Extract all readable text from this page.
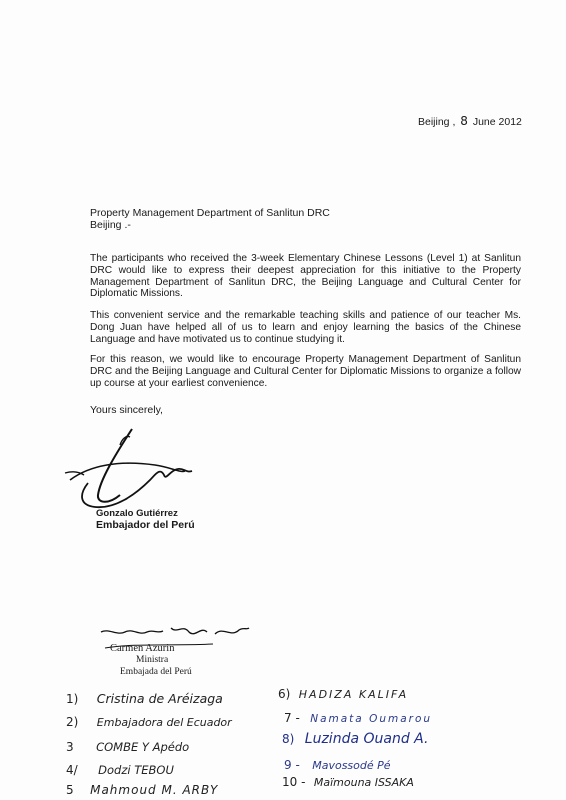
Beijing , 8 June 2012
Property Management Department of Sanlitun DRC
Beijing .-
The participants who received the 3-week Elementary Chinese Lessons (Level 1) at Sanlitun DRC would like to express their deepest appreciation for this initiative to the Property Management Department of Sanlitun DRC, the Beijing Language and Cultural Center for Diplomatic Missions.
This convenient service and the remarkable teaching skills and patience of our teacher Ms. Dong Juan have helped all of us to learn and enjoy learning the basics of the Chinese Language and have motivated us to continue studying it.
For this reason, we would like to encourage Property Management Department of Sanlitun DRC and the Beijing Language and Cultural Center for Diplomatic Missions to organize a follow up course at your earliest convenience.
Yours sincerely,
Gonzalo Gutiérrez
Embajador del Perú
Carmen Azurin
Ministra
Embajada del Perú
1) Cristina de Aréizaga
2) Embajadora del Ecuador
3 COMBE Y Apédo
4/ Dodzi TEBOU
5 Mahmoud M. ARBY
6) HADIZA KALIFA
7 - Namata Oumarou
8) Luzinda Ouand A.
9 - Mavossodé Pé
10 - Maïmouna ISSAKA
